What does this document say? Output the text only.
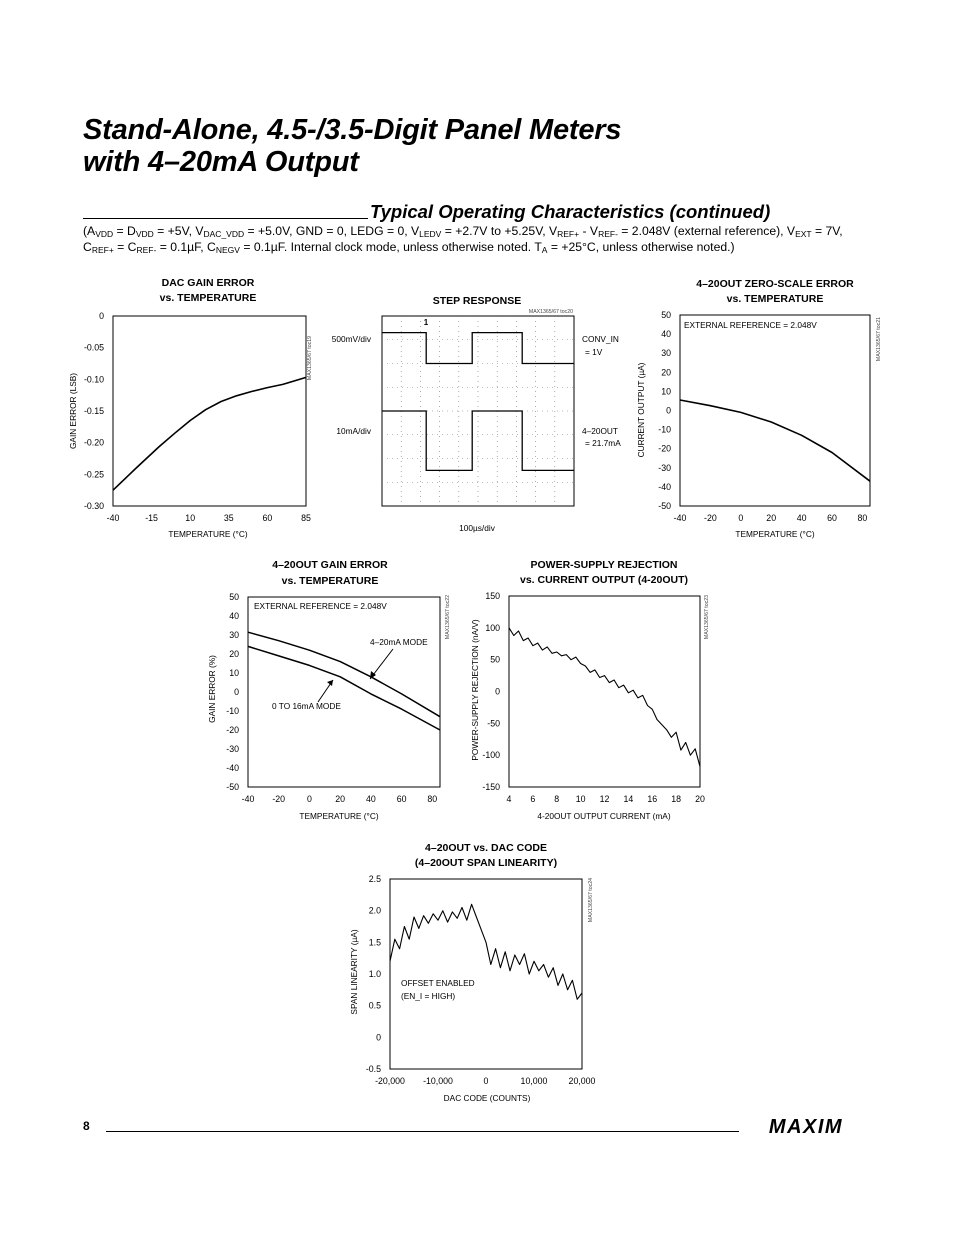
Stand-Alone, 4.5-/3.5-Digit Panel Meters
with 4–20mA Output
Typical Operating Characteristics (continued)

($A_{VDD} = D_{VDD} = +5V$, $V_{DAC\_VDD} = +5.0V$, GND = 0, LEDG = 0, $V_{LEDV} = +2.7V$ to +5.25V, $V_{REF+} - V_{REF-} = 2.048V$ (external reference), $V_{EXT} = 7V$, $C_{REF+} = C_{REF-} = 0.1\mu F$, $C_{NEGV} = 0.1\mu F$. Internal clock mode, unless otherwise noted. $T_A = +25^\circ C$, unless otherwise noted.)

DAC GAIN ERROR
vs. TEMPERATURE
-40	-15	10	35	60	85
0
-0.05
-0.10
-0.15
-0.20
-0.25
-0.30
MAX1365/67 toc19
TEMPERATURE (°C)
GAIN ERROR (LSB)
STEP RESPONSE
MAX1365/67 toc20
1
500mV/div
10mA/div
CONV_IN
= 1V
4–20OUT
= 21.7mA
100µs/div
4–20OUT ZERO-SCALE ERROR
vs. TEMPERATURE
-40 -20 0	20 40 60 80
50
40
30
20
10
0
-10
-20
-30
-40
-50
EXTERNAL REFERENCE = 2.048V	MAX1365/67 toc21
TEMPERATURE (°C)
CURRENT OUTPUT (µA)
4–20OUT GAIN ERROR
vs. TEMPERATURE
-40 -20 0	20 40 60 80
50
40
30
20
10
0
-10
-20
-30
-40
-50
EXTERNAL REFERENCE = 2.048V	MAX1365/67 toc22
4–20mA MODE
0 TO 16mA MODE
TEMPERATURE (°C)
GAIN ERROR (%)
POWER-SUPPLY REJECTION
vs. CURRENT OUTPUT (4-20OUT)
4 6 8 10 12 14 16 18 20
150
100
50
0
-50
-100
-150
MAX1365/67 toc23
4-20OUT OUTPUT CURRENT (mA)
POWER-SUPPLY REJECTION (nA/V)
4–20OUT vs. DAC CODE
(4–20OUT SPAN LINEARITY)
-20,000 -10,000	0	10,000 20,000
2.5
2.0
1.5
1.0
0.5
0
-0.5
OFFSET ENABLED
(EN_I = HIGH)
MAX1365/67 toc24
DAC CODE (COUNTS)
SPAN LINEARITY (µA)
8	MAXIM
